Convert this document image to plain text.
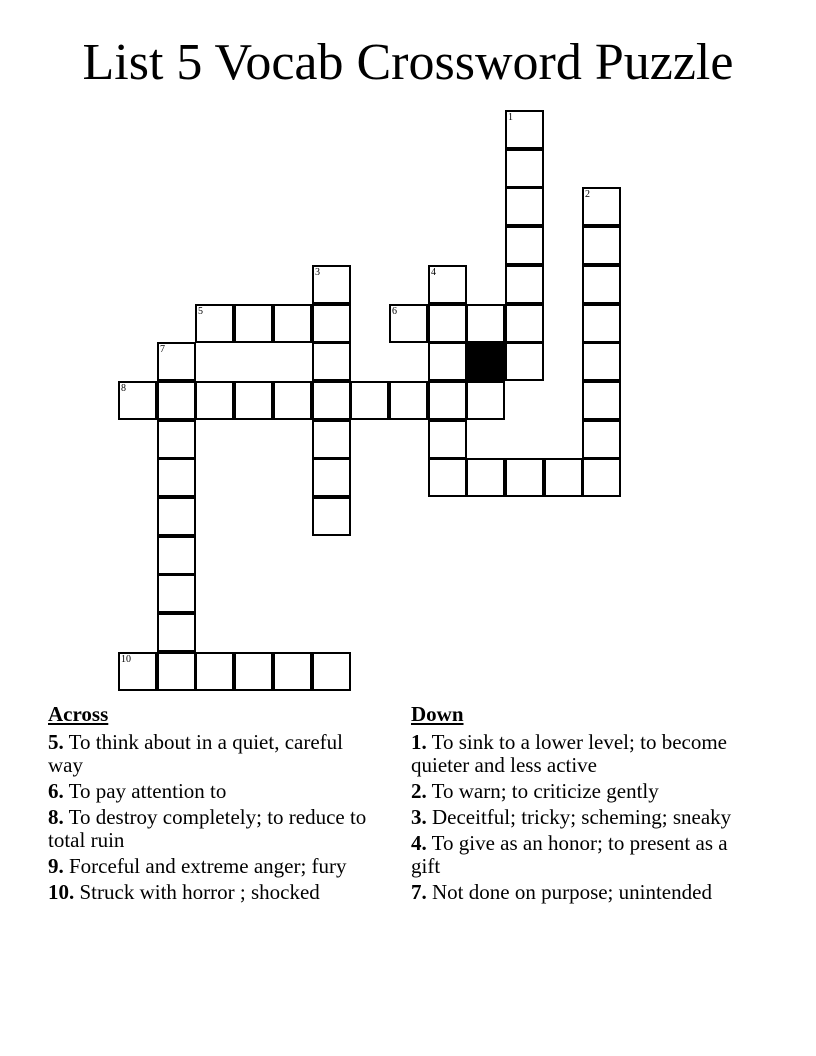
List 5 Vocab Crossword Puzzle
1
2
3	4
5	6
7
8
10
Across
5. To think about in a quiet, careful way
6. To pay attention to
8. To destroy completely; to reduce to total ruin
9. Forceful and extreme anger; fury
10. Struck with horror ; shocked
Down
1. To sink to a lower level; to become quieter and less active
2. To warn; to criticize gently
3. Deceitful; tricky; scheming; sneaky
4. To give as an honor; to present as a gift
7. Not done on purpose; unintended
